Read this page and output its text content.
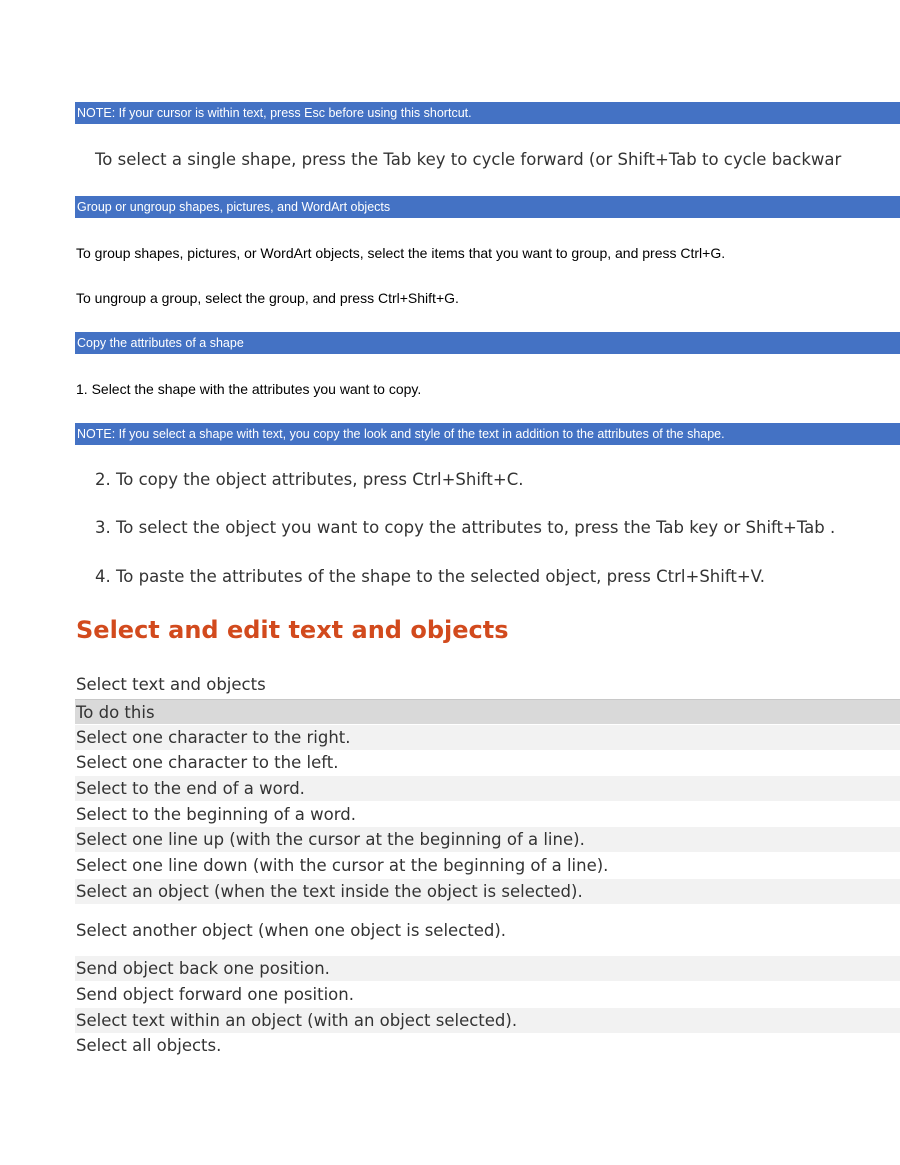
NOTE: If your cursor is within text, press Esc before using this shortcut.
To select a single shape, press the Tab key to cycle forward (or Shift+Tab to cycle backwar
Group or ungroup shapes, pictures, and WordArt objects
To group shapes, pictures, or WordArt objects, select the items that you want to group, and press Ctrl+G.
To ungroup a group, select the group, and press Ctrl+Shift+G.
Copy the attributes of a shape
1. Select the shape with the attributes you want to copy.
NOTE: If you select a shape with text, you copy the look and style of the text in addition to the attributes of the shape.
2. To copy the object attributes, press Ctrl+Shift+C.
3. To select the object you want to copy the attributes to, press the Tab key or Shift+Tab .
4. To paste the attributes of the shape to the selected object, press Ctrl+Shift+V.
Select and edit text and objects
Select text and objects
To do this
Select one character to the right.
Select one character to the left.
Select to the end of a word.
Select to the beginning of a word.
Select one line up (with the cursor at the beginning of a line).
Select one line down (with the cursor at the beginning of a line).
Select an object (when the text inside the object is selected).
Select another object (when one object is selected).
Send object back one position.
Send object forward one position.
Select text within an object (with an object selected).
Select all objects.
